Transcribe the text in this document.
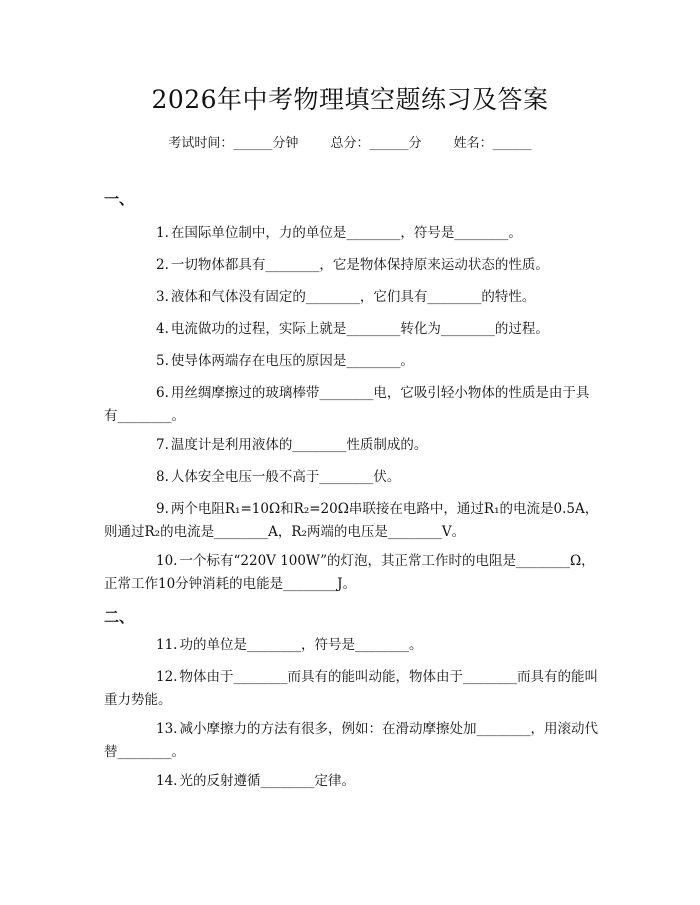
2026年中考物理填空题练习及答案
考试时间：______分钟 总分：______分 姓名：______
一、
1. 在国际单位制中，力的单位是________，符号是________。
2. 一切物体都具有________，它是物体保持原来运动状态的性质。
3. 液体和气体没有固定的________，它们具有________的特性。
4. 电流做功的过程，实际上就是________转化为________的过程。
5. 使导体两端存在电压的原因是________。
6. 用丝绸摩擦过的玻璃棒带________电，它吸引轻小物体的性质是由于具有________。
7. 温度计是利用液体的________性质制成的。
8. 人体安全电压一般不高于________伏。
9. 两个电阻R₁=10Ω和R₂=20Ω串联接在电路中，通过R₁的电流是0.5A，则通过R₂的电流是________A，R₂两端的电压是________V。
10. 一个标有“220V 100W”的灯泡，其正常工作时的电阻是________Ω，正常工作10分钟消耗的电能是________J。
二、
11. 功的单位是________，符号是________。
12. 物体由于________而具有的能叫动能，物体由于________而具有的能叫重力势能。
13. 减小摩擦力的方法有很多，例如：在滑动摩擦处加________，用滚动代替________。
14. 光的反射遵循________定律。
